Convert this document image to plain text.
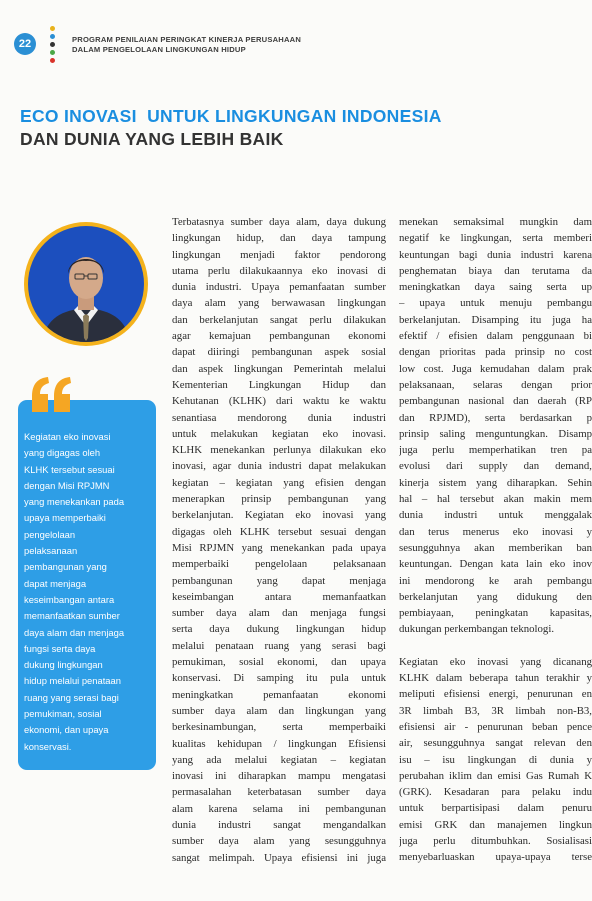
22	PROGRAM PENILAIAN PERINGKAT KINERJA PERUSAHAAN
DALAM PENGELOLAAN LINGKUNGAN HIDUP
ECO INOVASI  UNTUK LINGKUNGAN INDONESIA
DAN DUNIA YANG LEBIH BAIK
Kegiatan eko inovasi
yang digagas oleh
KLHK tersebut sesuai
dengan Misi RPJMN
yang menekankan pada
upaya memperbaiki
pengelolaan
pelaksanaan
pembangunan yang
dapat menjaga
keseimbangan antara
memanfaatkan sumber
daya alam dan menjaga
fungsi serta daya
dukung lingkungan
hidup melalui penataan
ruang yang serasi bagi
pemukiman, sosial
ekonomi, dan upaya
konservasi.
Terbatasnya sumber daya alam, daya dukung
lingkungan hidup, dan daya tampung
lingkungan menjadi faktor pendorong
utama perlu dilakukaannya eko inovasi di
dunia industri. Upaya pemanfaatan sumber
daya alam yang berwawasan lingkungan
dan berkelanjutan sangat perlu dilakukan
agar kemajuan pembangunan ekonomi
dapat diiringi pembangunan aspek sosial
dan aspek lingkungan Pemerintah melalui
Kementerian Lingkungan Hidup dan
Kehutanan (KLHK) dari waktu ke waktu
senantiasa mendorong dunia industri
untuk melakukan kegiatan eko inovasi.
KLHK menekankan perlunya dilakukan eko
inovasi, agar dunia industri dapat melakukan
kegiatan – kegiatan yang efisien dengan
menerapkan prinsip pembangunan yang
berkelanjutan. Kegiatan eko inovasi yang
digagas oleh KLHK tersebut sesuai dengan
Misi RPJMN yang menekankan pada upaya
memperbaiki pengelolaan pelaksanaan
pembangunan yang dapat menjaga
keseimbangan antara memanfaatkan
sumber daya alam dan menjaga fungsi
serta daya dukung lingkungan hidup
melalui penataan ruang yang serasi bagi
pemukiman, sosial ekonomi, dan upaya
konservasi. Di samping itu pula untuk
meningkatkan pemanfaatan ekonomi
sumber daya alam dan lingkungan yang
berkesinambungan, serta memperbaiki
kualitas kehidupan / lingkungan Efisiensi
yang ada melalui kegiatan – kegiatan
inovasi ini diharapkan mampu mengatasi
permasalahan keterbatasan sumber daya
alam karena selama ini pembangunan
dunia industri sangat mengandalkan
sumber daya alam yang sesungguhnya
sangat melimpah. Upaya efisiensi ini juga
menekan semaksimal mungkin dam
negatif ke lingkungan, serta memberi
keuntungan bagi dunia industri karena
penghematan biaya dan terutama da
meningkatkan daya saing serta up
– upaya untuk menuju pembangu
berkelanjutan. Disamping itu juga ha
efektif / efisien dalam penggunaan bi
dengan prioritas pada prinsip no cost
low cost. Juga kemudahan dalam prak
pelaksanaan, selaras dengan prior
pembangunan nasional dan daerah (RP
dan RPJMD), serta berdasarkan p
prinsip saling menguntungkan. Disamp
juga perlu memperhatikan tren pa
evolusi dari supply dan demand,
kinerja sistem yang diharapkan. Sehin
hal – hal tersebut akan makin mem
dunia industri untuk menggalak
dan terus menerus eko inovasi y
sesungguhnya akan memberikan ban
keuntungan. Dengan kata lain eko inov
ini mendorong ke arah pembangu
berkelanjutan yang didukung den
pembiayaan, peningkatan kapasitas,
dukungan perkembangan teknologi.
Kegiatan eko inovasi yang dicanang
KLHK dalam beberapa tahun terakhir y
meliputi efisiensi energi, penurunan en
3R limbah B3, 3R limbah non-B3,
efisiensi air - penurunan beban pence
air, sesungguhnya sangat relevan den
isu – isu lingkungan di dunia y
perubahan iklim dan emisi Gas Rumah K
(GRK). Kesadaran para pelaku indu
untuk berpartisipasi dalam penuru
emisi GRK dan manajemen lingkun
juga perlu ditumbuhkan. Sosialisasi
menyebarluaskan upaya-upaya terse
